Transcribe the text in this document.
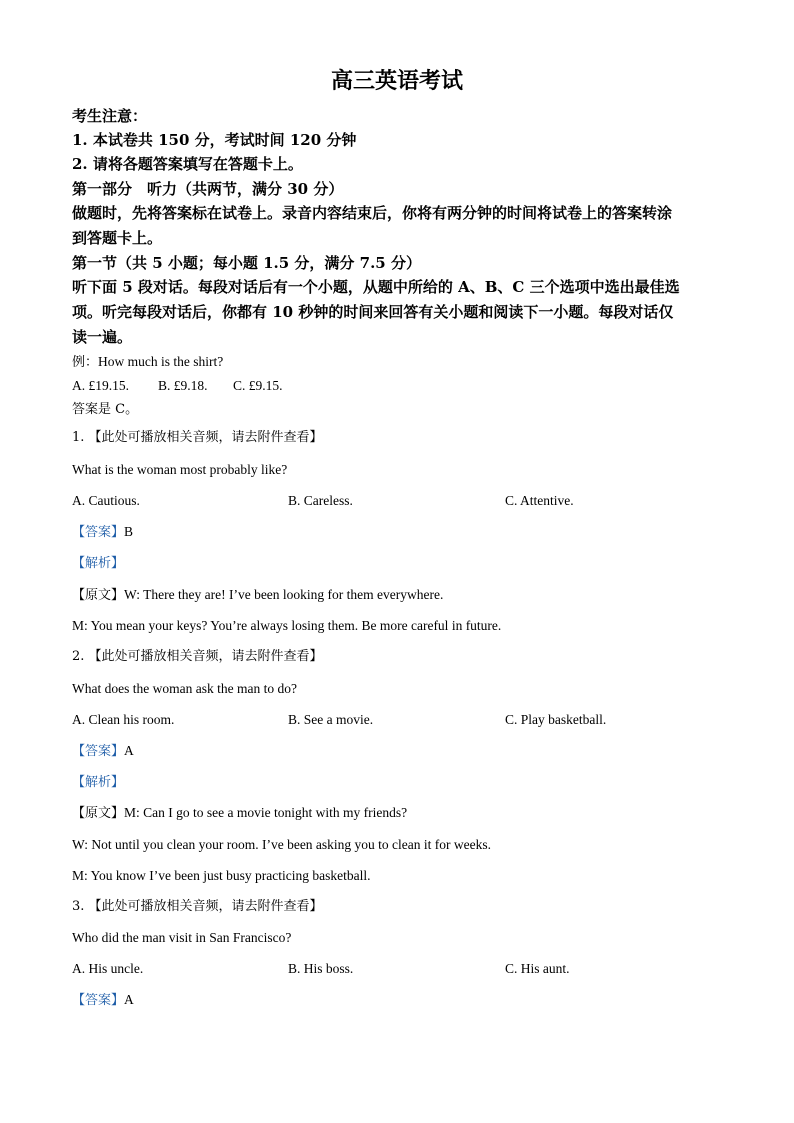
高三英语考试
考生注意：
1. 本试卷共 150 分，考试时间 120 分钟
2. 请将各题答案填写在答题卡上。
第一部分　听力（共两节，满分 30 分）
做题时，先将答案标在试卷上。录音内容结束后，你将有两分钟的时间将试卷上的答案转涂
到答题卡上。
第一节（共 5 小题；每小题 1.5 分，满分 7.5 分）
听下面 5 段对话。每段对话后有一个小题，从题中所给的 A、B、C 三个选项中选出最佳选
项。听完每段对话后，你都有 10 秒钟的时间来回答有关小题和阅读下一小题。每段对话仅
读一遍。
例：How much is the shirt?
A. £19.15. B. £9.18. C. £9.15.
答案是 C。
1. 【此处可播放相关音频，请去附件查看】
What is the woman most probably like?
A. Cautious.	B. Careless.	C. Attentive.
【答案】B
【解析】
【原文】W: There they are! I’ve been looking for them everywhere.
M: You mean your keys? You’re always losing them. Be more careful in future.
2. 【此处可播放相关音频，请去附件查看】
What does the woman ask the man to do?
A. Clean his room.	B. See a movie.	C. Play basketball.
【答案】A
【解析】
【原文】M: Can I go to see a movie tonight with my friends?
W: Not until you clean your room. I’ve been asking you to clean it for weeks.
M: You know I’ve been just busy practicing basketball.
3. 【此处可播放相关音频，请去附件查看】
Who did the man visit in San Francisco?
A. His uncle.	B. His boss.	C. His aunt.
【答案】A
